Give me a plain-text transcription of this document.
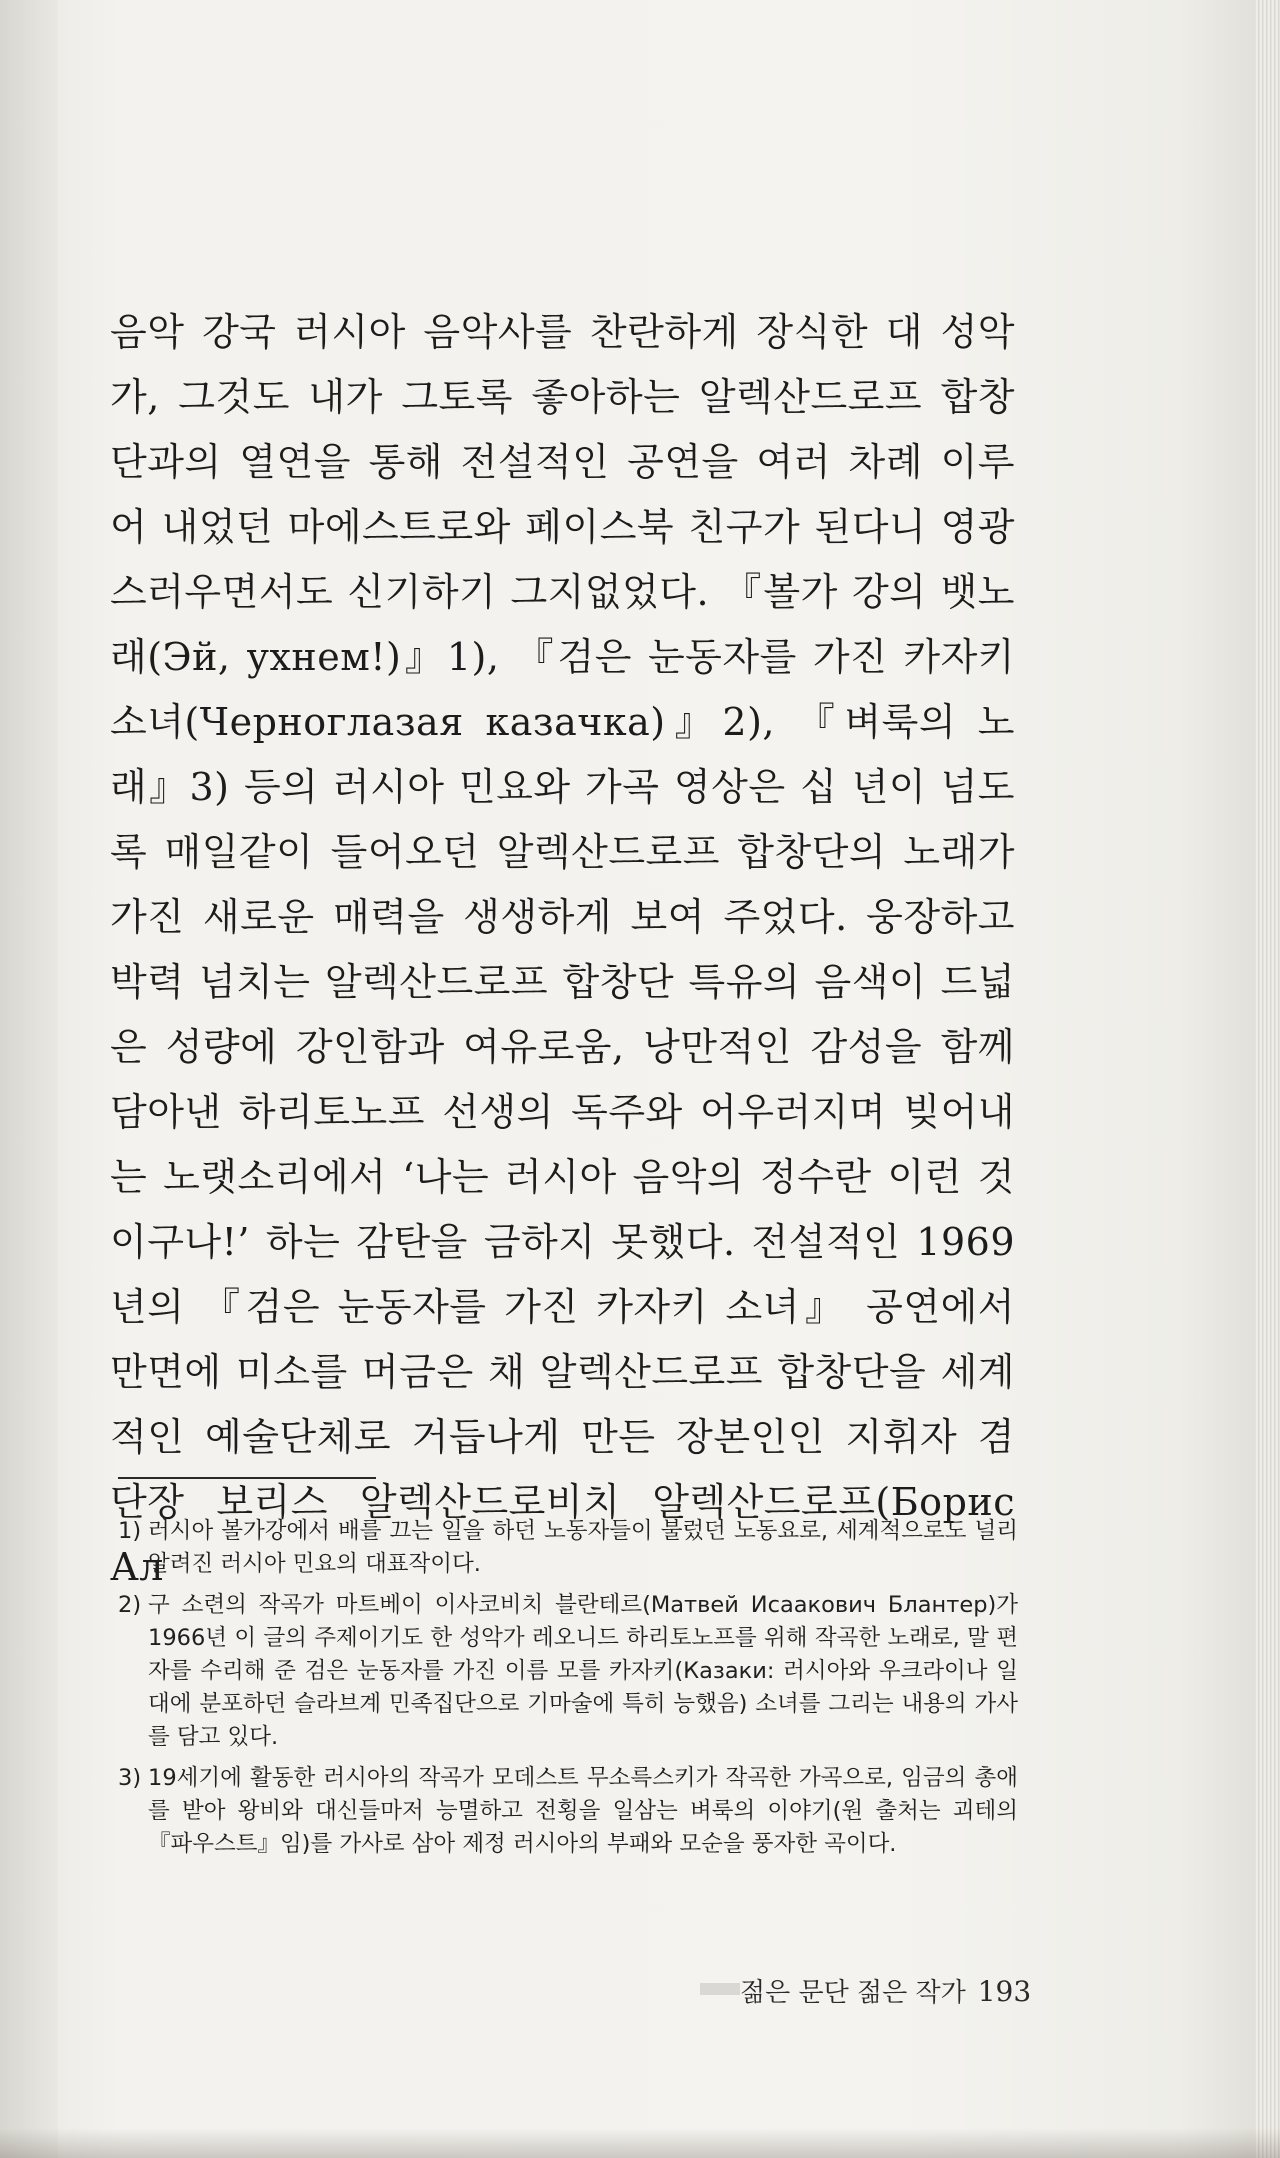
음악 강국 러시아 음악사를 찬란하게 장식한 대 성악가, 그것도 내가 그토록 좋아하는 알렉산드로프 합창단과의 열연을 통해 전설적인 공연을 여러 차례 이루어 내었던 마에스트로와 페이스북 친구가 된다니 영광스러우면서도 신기하기 그지없었다. 『볼가 강의 뱃노래(Эй, ухнем!)』1), 『검은 눈동자를 가진 카자키 소녀(Черноглазая казачка)』2), 『벼룩의 노래』3) 등의 러시아 민요와 가곡 영상은 십 년이 넘도록 매일같이 들어오던 알렉산드로프 합창단의 노래가 가진 새로운 매력을 생생하게 보여 주었다. 웅장하고 박력 넘치는 알렉산드로프 합창단 특유의 음색이 드넓은 성량에 강인함과 여유로움, 낭만적인 감성을 함께 담아낸 하리토노프 선생의 독주와 어우러지며 빚어내는 노랫소리에서 ‘나는 러시아 음악의 정수란 이런 것이구나!’ 하는 감탄을 금하지 못했다. 전설적인 1969년의 『검은 눈동자를 가진 카자키 소녀』 공연에서 만면에 미소를 머금은 채 알렉산드로프 합창단을 세계적인 예술단체로 거듭나게 만든 장본인인 지휘자 겸 단장 보리스 알렉산드로비치 알렉산드로프(Борис Ал

1) 러시아 볼가강에서 배를 끄는 일을 하던 노동자들이 불렀던 노동요로, 세계적으로도 널리 알려진 러시아 민요의 대표작이다.
2) 구 소련의 작곡가 마트베이 이사코비치 블란테르(Матвей Исаакович Блантер)가 1966년 이 글의 주제이기도 한 성악가 레오니드 하리토노프를 위해 작곡한 노래로, 말 편자를 수리해 준 검은 눈동자를 가진 이름 모를 카자키(Казаки: 러시아와 우크라이나 일대에 분포하던 슬라브계 민족집단으로 기마술에 특히 능했음) 소녀를 그리는 내용의 가사를 담고 있다.
3) 19세기에 활동한 러시아의 작곡가 모데스트 무소륵스키가 작곡한 가곡으로, 임금의 총애를 받아 왕비와 대신들마저 능멸하고 전횡을 일삼는 벼룩의 이야기(원 출처는 괴테의 『파우스트』임)를 가사로 삼아 제정 러시아의 부패와 모순을 풍자한 곡이다.
젊은 문단 젊은 작가 193
